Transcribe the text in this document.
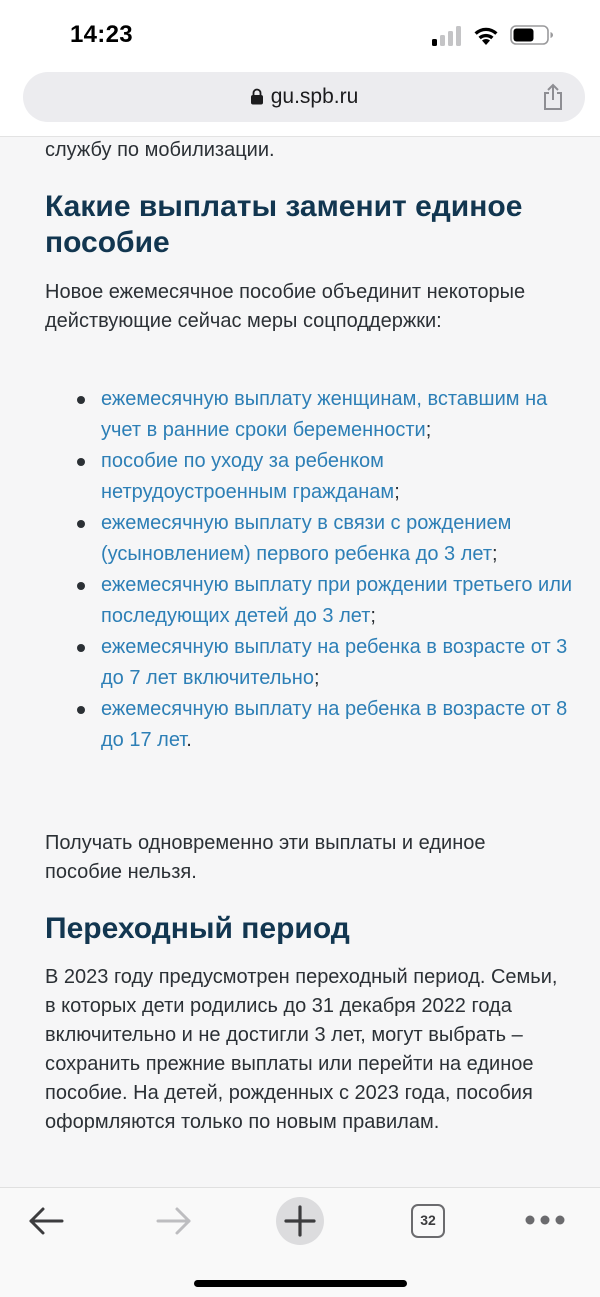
14:23
gu.spb.ru
службу по мобилизации.
Какие выплаты заменит единое пособие

Новое ежемесячное пособие объединит некоторые действующие сейчас меры соцподдержки:

ежемесячную выплату женщинам, вставшим на учет в ранние сроки беременности;
пособие по уходу за ребенком нетрудоустроенным гражданам;
ежемесячную выплату в связи с рождением (усыновлением) первого ребенка до 3 лет;
ежемесячную выплату при рождении третьего или последующих детей до 3 лет;
ежемесячную выплату на ребенка в возрасте от 3 до 7 лет включительно;
ежемесячную выплату на ребенка в возрасте от 8 до 17 лет.

Получать одновременно эти выплаты и единое пособие нельзя.

Переходный период

В 2023 году предусмотрен переходный период. Семьи, в которых дети родились до 31 декабря 2022 года включительно и не достигли 3 лет, могут выбрать – сохранить прежние выплаты или перейти на единое пособие. На детей, рожденных с 2023 года, пособия оформляются только по новым правилам.

32
